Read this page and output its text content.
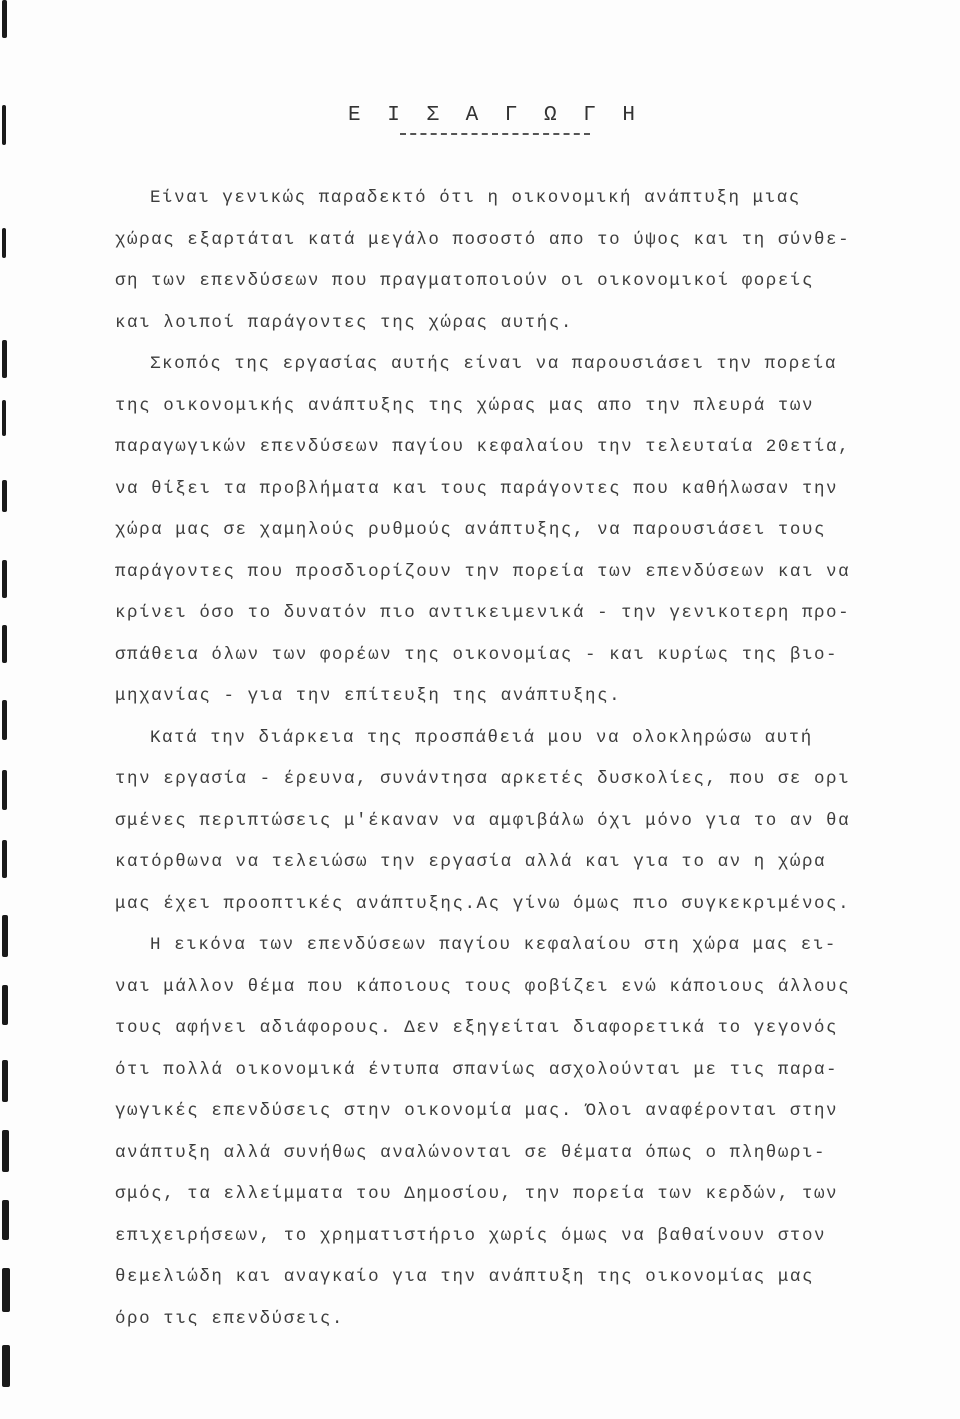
Ε Ι Σ Α Γ Ω Γ Η
Είναι γενικώς παραδεκτό ότι η οικονομική ανάπτυξη μιας
χώρας εξαρτάται κατά μεγάλο ποσοστό απο το ύψος και τη σύνθε-
ση των επενδύσεων που πραγματοποιούν οι οικονομικοί φορείς
και λοιποί παράγοντες της χώρας αυτής.
Σκοπός της εργασίας αυτής είναι να παρουσιάσει την πορεία
της οικονομικής ανάπτυξης της χώρας μας απο την πλευρά των
παραγωγικών επενδύσεων παγίου κεφαλαίου την τελευταία 20ετία,
να θίξει τα προβλήματα και τους παράγοντες που καθήλωσαν την
χώρα μας σε χαμηλούς ρυθμούς ανάπτυξης, να παρουσιάσει τους
παράγοντες που προσδιορίζουν την πορεία των επενδύσεων και να
κρίνει όσο το δυνατόν πιο αντικειμενικά - την γενικοτερη προ-
σπάθεια όλων των φορέων της οικονομίας - και κυρίως της βιο-
μηχανίας - για την επίτευξη της ανάπτυξης.
Κατά την διάρκεια της προσπάθειά μου να ολοκληρώσω αυτή
την εργασία - έρευνα, συνάντησα αρκετές δυσκολίες, που σε ορι
σμένες περιπτώσεις μ'έκαναν να αμφιβάλω όχι μόνο για το αν θα
κατόρθωνα να τελειώσω την εργασία αλλά και για το αν η χώρα
μας έχει προοπτικές ανάπτυξης.Ας γίνω όμως πιο συγκεκριμένος.
Η εικόνα των επενδύσεων παγίου κεφαλαίου στη χώρα μας ει-
ναι μάλλον θέμα που κάποιους τους φοβίζει ενώ κάποιους άλλους
τους αφήνει αδιάφορους. Δεν εξηγείται διαφορετικά το γεγονός
ότι πολλά οικονομικά έντυπα σπανίως ασχολούνται με τις παρα-
γωγικές επενδύσεις στην οικονομία μας. Όλοι αναφέρονται στην
ανάπτυξη αλλά συνήθως αναλώνονται σε θέματα όπως ο πληθωρι-
σμός, τα ελλείμματα του Δημοσίου, την πορεία των κερδών, των
επιχειρήσεων, το χρηματιστήριο χωρίς όμως να βαθαίνουν στον
θεμελιώδη και αναγκαίο για την ανάπτυξη της οικονομίας μας
όρο τις επενδύσεις.
